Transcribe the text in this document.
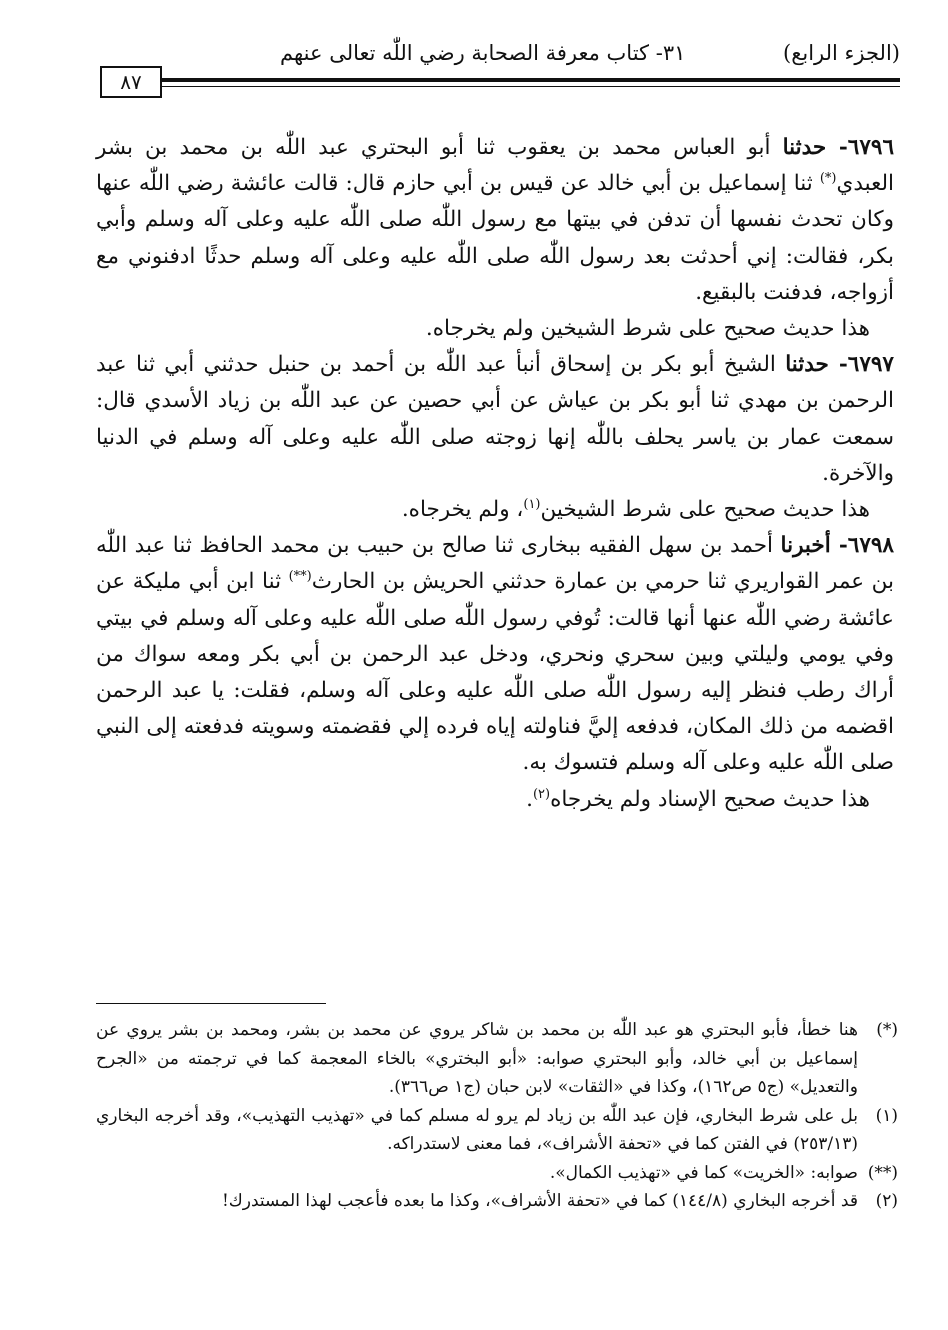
(الجزء الرابع)
٣١- كتاب معرفة الصحابة رضي اللّٰه تعالى عنهم
٨٧

٦٧٩٦- حدثنا أبو العباس محمد بن يعقوب ثنا أبو البحتري عبد اللّٰه بن محمد بن بشر العبدي(*) ثنا إسماعيل بن أبي خالد عن قيس بن أبي حازم قال: قالت عائشة رضي اللّٰه عنها وكان تحدث نفسها أن تدفن في بيتها مع رسول اللّٰه صلى اللّٰه عليه وعلى آله وسلم وأبي بكر، فقالت: إني أحدثت بعد رسول اللّٰه صلى اللّٰه عليه وعلى آله وسلم حدثًا ادفنوني مع أزواجه، فدفنت بالبقيع.

هذا حديث صحيح على شرط الشيخين ولم يخرجاه.

٦٧٩٧- حدثنا الشيخ أبو بكر بن إسحاق أنبأ عبد اللّٰه بن أحمد بن حنبل حدثني أبي ثنا عبد الرحمن بن مهدي ثنا أبو بكر بن عياش عن أبي حصين عن عبد اللّٰه بن زياد الأسدي قال: سمعت عمار بن ياسر يحلف باللّٰه إنها زوجته صلى اللّٰه عليه وعلى آله وسلم في الدنيا والآخرة.

هذا حديث صحيح على شرط الشيخين$^{(١)}$، ولم يخرجاه.

٦٧٩٨- أخبرنا أحمد بن سهل الفقيه ببخارى ثنا صالح بن حبيب بن محمد الحافظ ثنا عبد اللّٰه بن عمر القواريري ثنا حرمي بن عمارة حدثني الحريش بن الحارث(**) ثنا ابن أبي مليكة عن عائشة رضي اللّٰه عنها أنها قالت: تُوفي رسول اللّٰه صلى اللّٰه عليه وعلى آله وسلم في بيتي وفي يومي وليلتي وبين سحري ونحري، ودخل عبد الرحمن بن أبي بكر ومعه سواك من أراك رطب فنظر إليه رسول اللّٰه صلى اللّٰه عليه وعلى آله وسلم، فقلت: يا عبد الرحمن اقضمه من ذلك المكان، فدفعه إليَّ فناولته إياه فرده إلي فقضمته وسويته فدفعته إلى النبي صلى اللّٰه عليه وعلى آله وسلم فتسوك به.

هذا حديث صحيح الإسناد ولم يخرجاه$^{(٢)}$.

(*)
هنا خطأ، فأبو البحتري هو عبد اللّٰه بن محمد بن شاكر يروي عن محمد بن بشر، ومحمد بن بشر يروي عن إسماعيل بن أبي خالد، وأبو البحتري صوابه: «أبو البختري» بالخاء المعجمة كما في ترجمته من «الجرح والتعديل» (ج٥ ص١٦٢)، وكذا في «الثقات» لابن حبان (ج١ ص٣٦٦).
(١)
بل على شرط البخاري، فإن عبد اللّٰه بن زياد لم يرو له مسلم كما في «تهذيب التهذيب»، وقد أخرجه البخاري (٢٥٣/١٣) في الفتن كما في «تحفة الأشراف»، فما معنى لاستدراكه.
(**)
صوابه: «الخريت» كما في «تهذيب الكمال».
(٢)
قد أخرجه البخاري (١٤٤/٨) كما في «تحفة الأشراف»، وكذا ما بعده فأعجب لهذا المستدرك!
